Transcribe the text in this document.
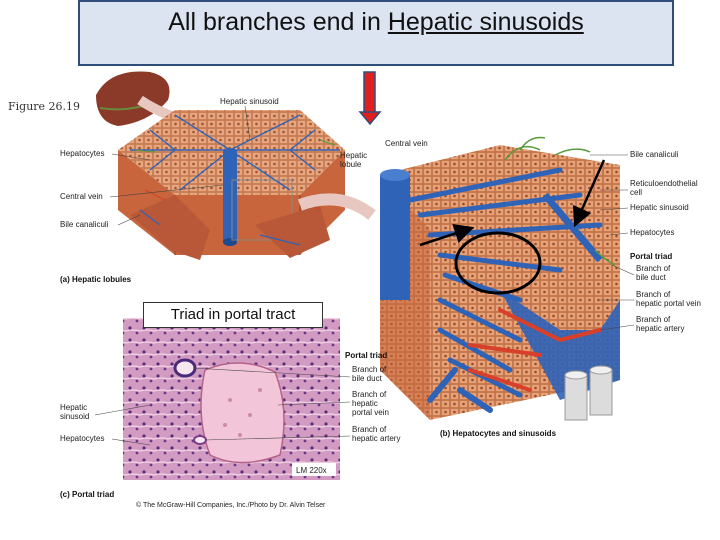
All branches end in Hepatic sinusoids
Hepatic sinusoid
Hepatocytes	Hepatic
lobule
Central vein
Bile canaliculi
(a) Hepatic lobules
Figure 26.19
Central vein
Bile canaliculi
Reticuloendothelial
cell
Hepatic sinusoid
Hepatocytes
Portal triad
Branch of
bile duct
Branch of
hepatic portal vein
Branch of
hepatic artery
(b) Hepatocytes and sinusoids
LM 220x
Portal triad
Branch of
bile duct
Branch of
hepatic
portal vein
Branch of
hepatic artery
Hepatic
sinusoid
Hepatocytes
(c) Portal triad
© The McGraw-Hill Companies, Inc./Photo by Dr. Alvin Telser
Triad in portal tract
